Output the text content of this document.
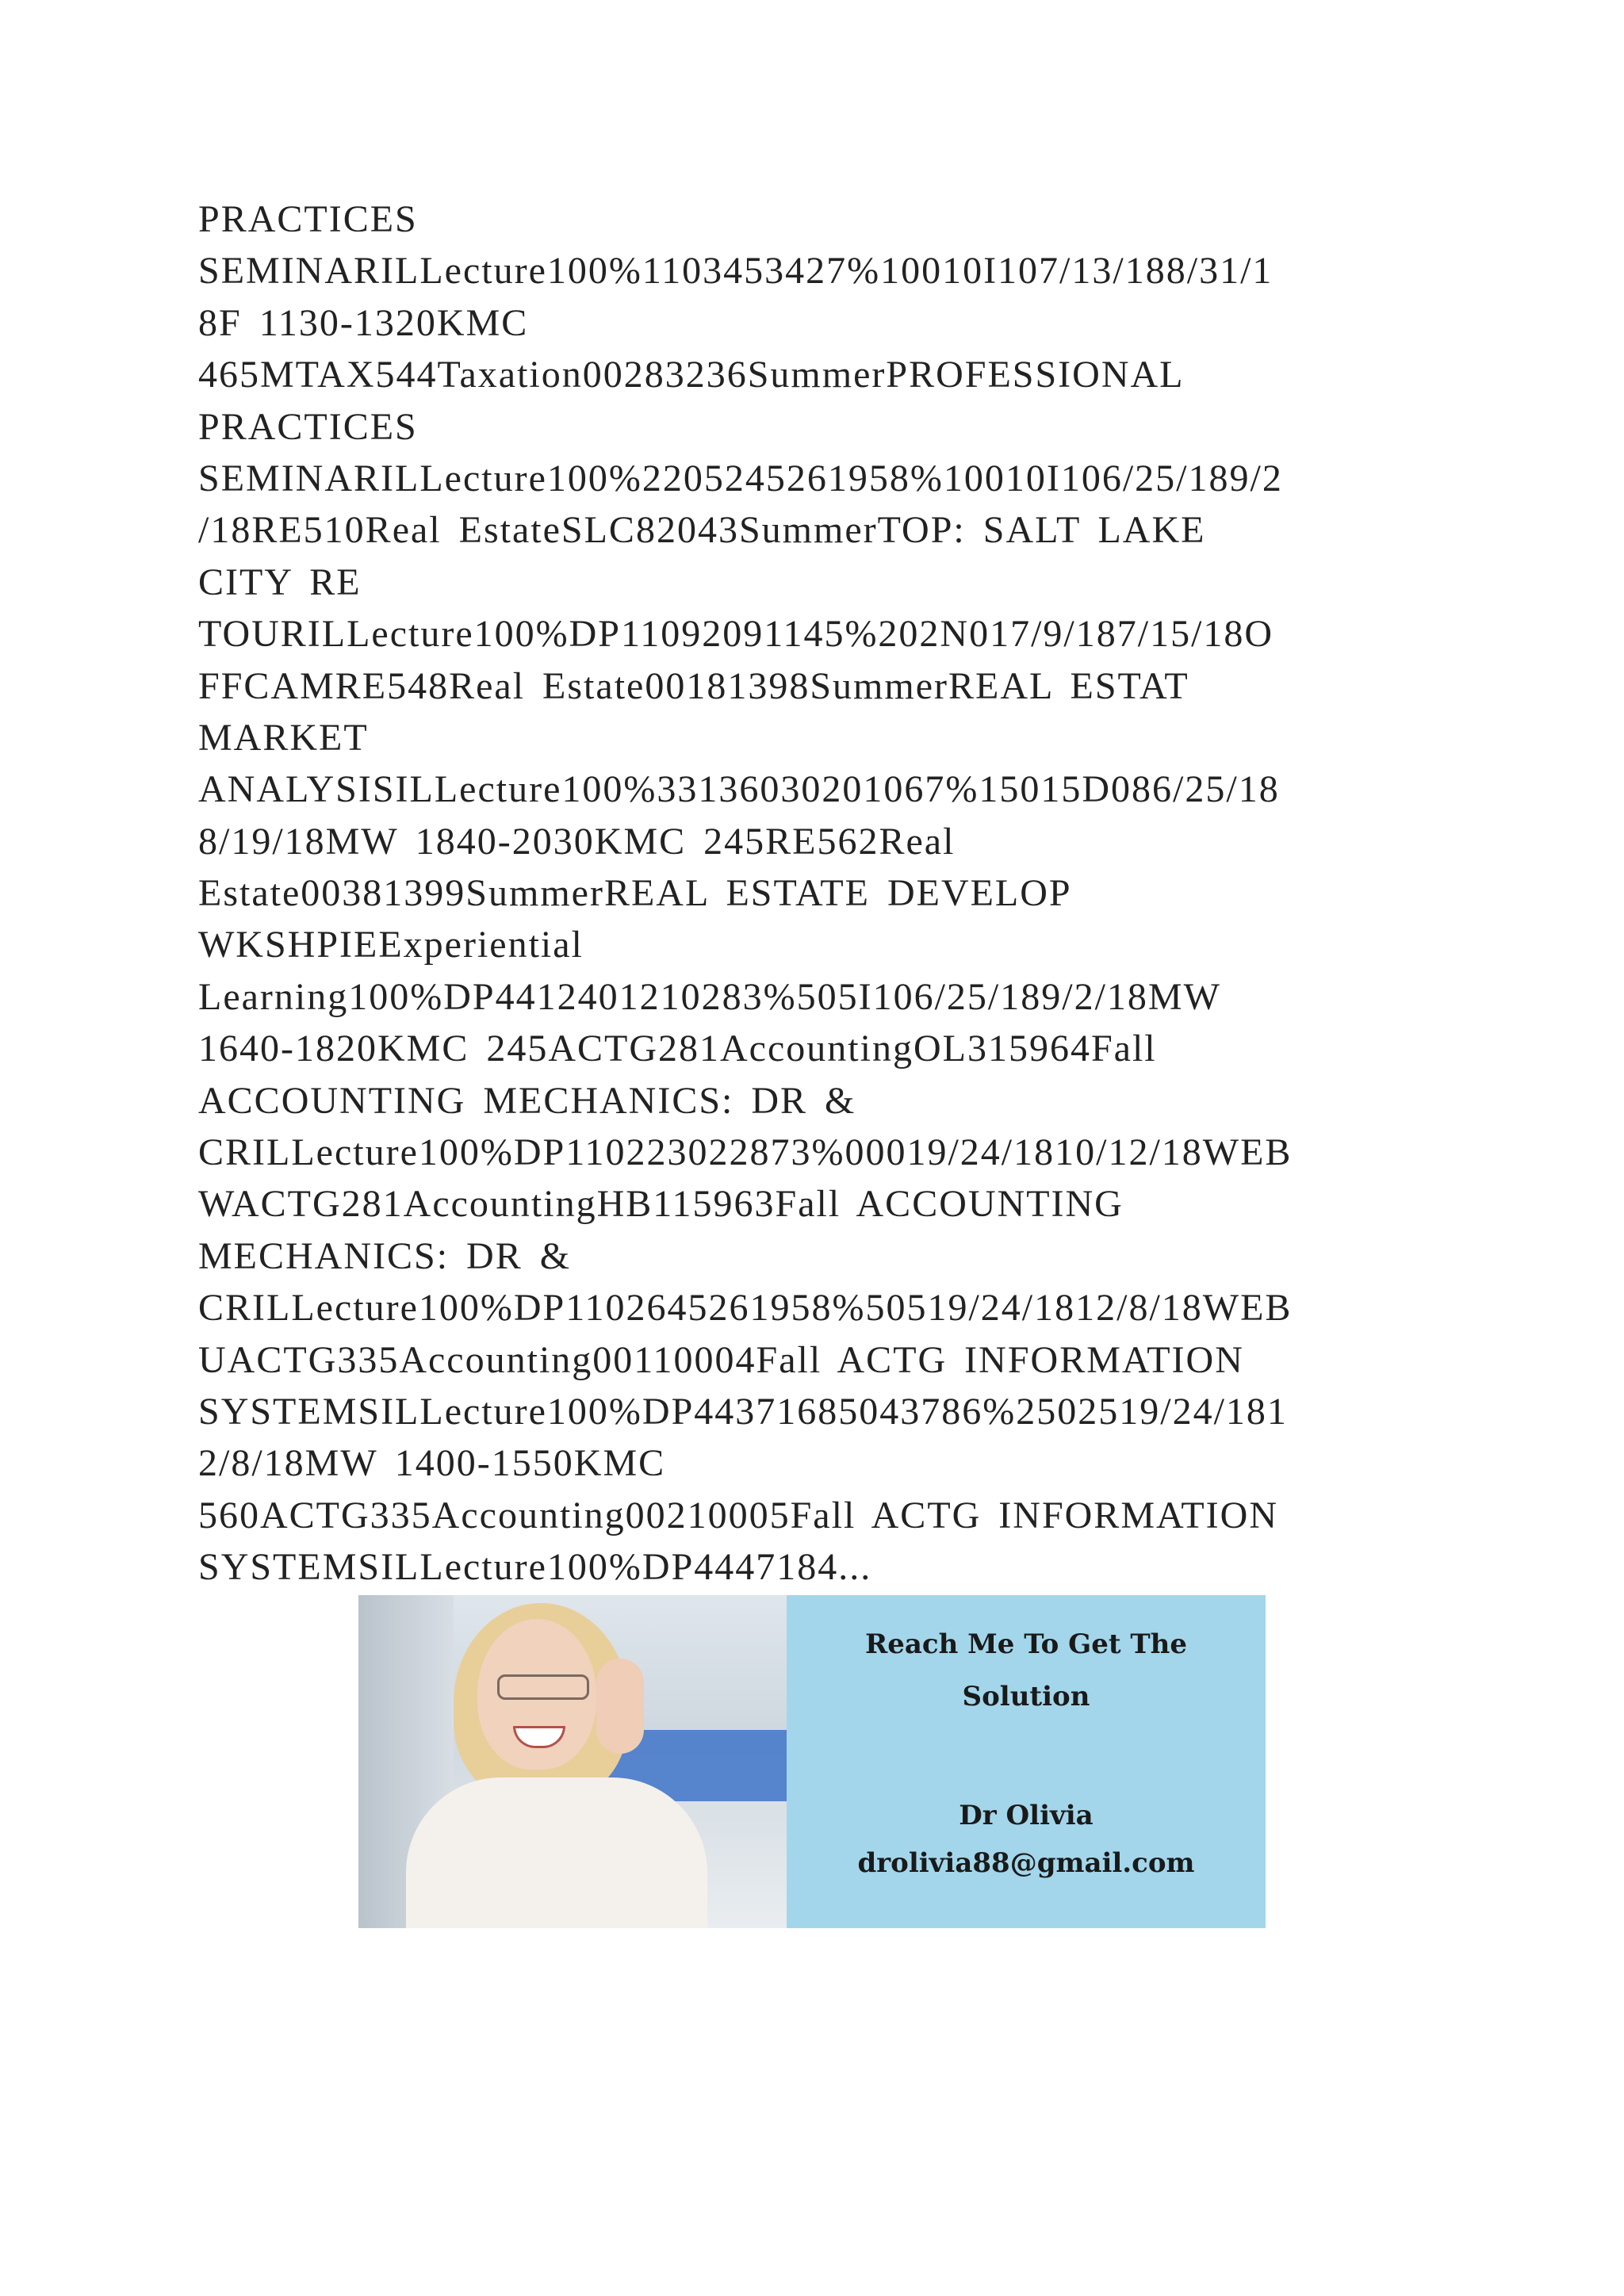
PRACTICES
SEMINARILLecture100%1103453427%10010I107/13/188/31/1
8F 1130-1320KMC
465MTAX544Taxation00283236SummerPROFESSIONAL
PRACTICES
SEMINARILLecture100%2205245261958%10010I106/25/189/2
/18RE510Real EstateSLC82043SummerTOP: SALT LAKE
CITY RE
TOURILLecture100%DP11092091145%202N017/9/187/15/18O
FFCAMRE548Real Estate00181398SummerREAL ESTAT
MARKET
ANALYSISILLecture100%33136030201067%15015D086/25/18
8/19/18MW 1840-2030KMC 245RE562Real
Estate00381399SummerREAL ESTATE DEVELOP
WKSHPIEExperiential
Learning100%DP4412401210283%505I106/25/189/2/18MW
1640-1820KMC 245ACTG281AccountingOL315964Fall
ACCOUNTING MECHANICS: DR &
CRILLecture100%DP110223022873%00019/24/1810/12/18WEB
WACTG281AccountingHB115963Fall ACCOUNTING
MECHANICS: DR &
CRILLecture100%DP1102645261958%50519/24/1812/8/18WEB
UACTG335Accounting00110004Fall ACTG INFORMATION
SYSTEMSILLecture100%DP44371685043786%2502519/24/181
2/8/18MW 1400-1550KMC
560ACTG335Accounting00210005Fall ACTG INFORMATION
SYSTEMSILLecture100%DP4447184...
Reach Me To Get The
Solution
Dr Olivia
drolivia88@gmail.com
